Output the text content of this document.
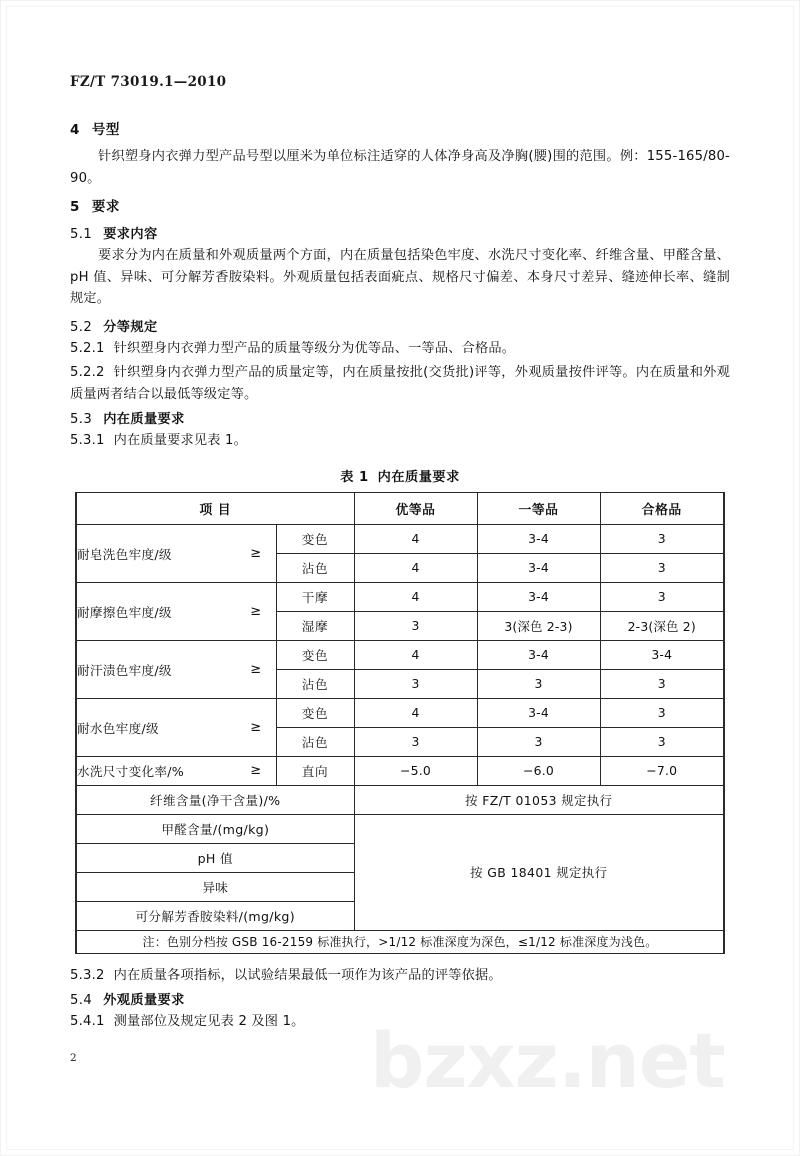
bzxz.net
FZ/T 73019.1—2010
4 号型

针织塑身内衣弹力型产品号型以厘米为单位标注适穿的人体净身高及净胸(腰)围的范围。例：155-165/80-90。

5 要求
5.1 要求内容

要求分为内在质量和外观质量两个方面，内在质量包括染色牢度、水洗尺寸变化率、纤维含量、甲醛含量、pH 值、异味、可分解芳香胺染料。外观质量包括表面疵点、规格尺寸偏差、本身尺寸差异、缝迹伸长率、缝制规定。

5.2 分等规定

5.2.1 针织塑身内衣弹力型产品的质量等级分为优等品、一等品、合格品。

5.2.2 针织塑身内衣弹力型产品的质量定等，内在质量按批(交货批)评等，外观质量按件评等。内在质量和外观质量两者结合以最低等级定等。

5.3 内在质量要求

5.3.1 内在质量要求见表 1。

表 1 内在质量要求
项 目		优等品	一等品	合格品

耐皂洗色牢度/级 ≥	变色	4	3-4	3
	沾色	4	3-4	3

耐摩擦色牢度/级 ≥	干摩	4	3-4	3
	湿摩	3	3(深色 2-3)	2-3(深色 2)

耐汗渍色牢度/级 ≥	变色	4	3-4	3-4
	沾色	3	3	3

耐水色牢度/级 ≥	变色	4	3-4	3
	沾色	3	3	3

水洗尺寸变化率/% ≥	直向	−5.0	−6.0	−7.0
纤维含量(净干含量)/%		按 FZ/T 01053 规定执行		
甲醛含量/(mg/kg)		按 GB 18401 规定执行		
pH 值				
异味				
可分解芳香胺染料/(mg/kg)				
注：色别分档按 GSB 16-2159 标准执行，>1/12 标准深度为深色，≤1/12 标准深度为浅色。				

5.3.2 内在质量各项指标，以试验结果最低一项作为该产品的评等依据。

5.4 外观质量要求

5.4.1 测量部位及规定见表 2 及图 1。

2
